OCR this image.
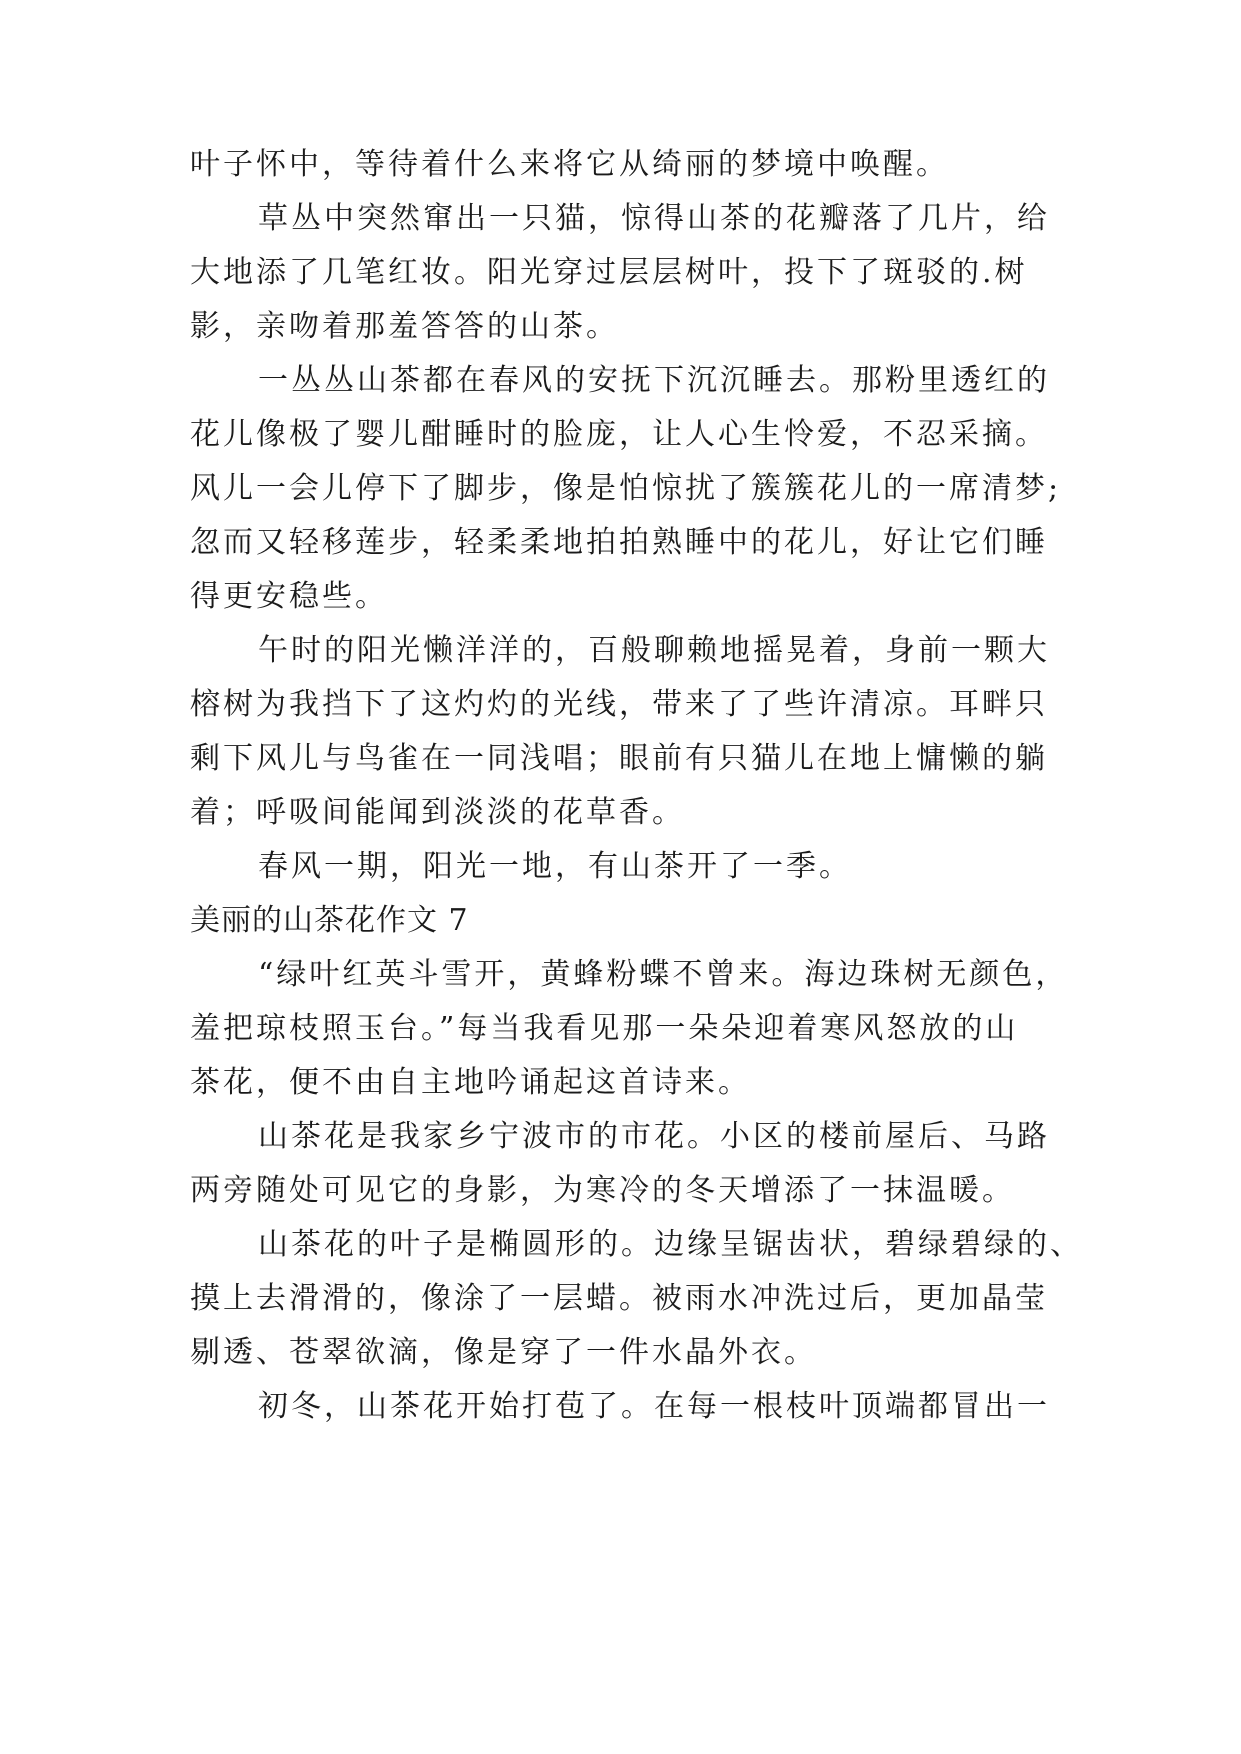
叶子怀中，等待着什么来将它从绮丽的梦境中唤醒。
草丛中突然窜出一只猫，惊得山茶的花瓣落了几片，给
大地添了几笔红妆。阳光穿过层层树叶，投下了斑驳的.树
影，亲吻着那羞答答的山茶。
一丛丛山茶都在春风的安抚下沉沉睡去。那粉里透红的
花儿像极了婴儿酣睡时的脸庞，让人心生怜爱，不忍采摘。
风儿一会儿停下了脚步，像是怕惊扰了簇簇花儿的一席清梦;
忽而又轻移莲步，轻柔柔地拍拍熟睡中的花儿，好让它们睡
得更安稳些。
午时的阳光懒洋洋的，百般聊赖地摇晃着，身前一颗大
榕树为我挡下了这灼灼的光线，带来了了些许清凉。耳畔只
剩下风儿与鸟雀在一同浅唱；眼前有只猫儿在地上慵懒的躺
着；呼吸间能闻到淡淡的花草香。
春风一期，阳光一地，有山茶开了一季。
美丽的山茶花作文 7
“绿叶红英斗雪开，黄蜂粉蝶不曾来。海边珠树无颜色，
羞把琼枝照玉台。”每当我看见那一朵朵迎着寒风怒放的山
茶花，便不由自主地吟诵起这首诗来。
山茶花是我家乡宁波市的市花。小区的楼前屋后、马路
两旁随处可见它的身影，为寒冷的冬天增添了一抹温暖。
山茶花的叶子是椭圆形的。边缘呈锯齿状，碧绿碧绿的、
摸上去滑滑的，像涂了一层蜡。被雨水冲洗过后，更加晶莹
剔透、苍翠欲滴，像是穿了一件水晶外衣。
初冬，山茶花开始打苞了。在每一根枝叶顶端都冒出一
